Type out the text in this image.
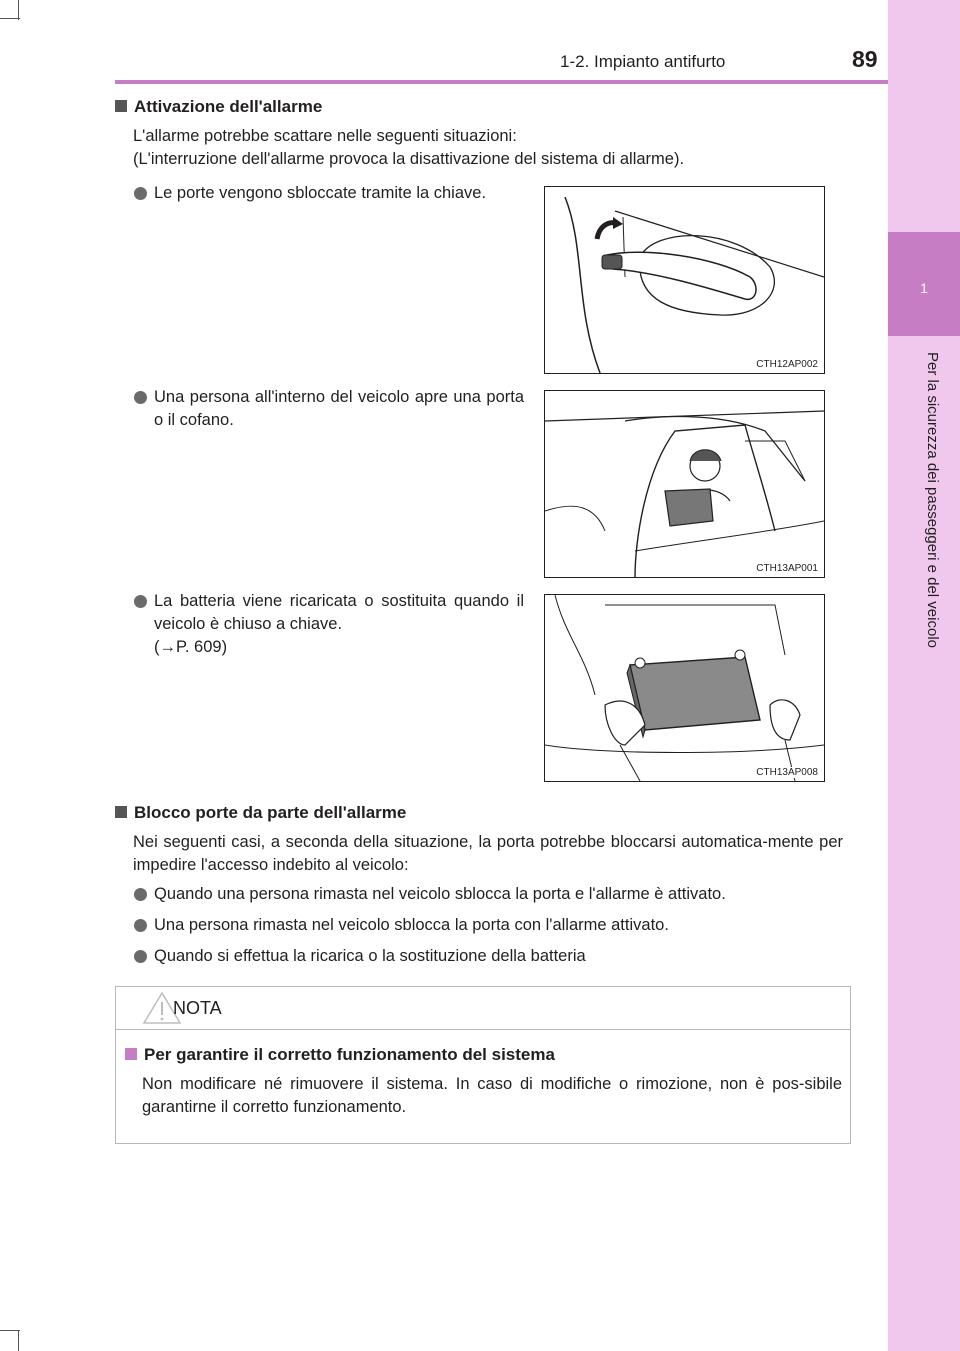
1-2. Impianto antifurto	89
1
Per la sicurezza dei passeggeri e del veicolo
Attivazione dell'allarme
L'allarme potrebbe scattare nelle seguenti situazioni:
(L'interruzione dell'allarme provoca la disattivazione del sistema di allarme).
Le porte vengono sbloccate tramite la chiave.
CTH12AP002
Una persona all'interno del veicolo apre una porta o il cofano.
CTH13AP001
La batteria viene ricaricata o sostituita quando il veicolo è chiuso a chiave.
(→P. 609)
CTH13AP008
Blocco porte da parte dell'allarme
Nei seguenti casi, a seconda della situazione, la porta potrebbe bloccarsi automatica-mente per impedire l'accesso indebito al veicolo:
Quando una persona rimasta nel veicolo sblocca la porta e l'allarme è attivato.
Una persona rimasta nel veicolo sblocca la porta con l'allarme attivato.
Quando si effettua la ricarica o la sostituzione della batteria
NOTA
Per garantire il corretto funzionamento del sistema
Non modificare né rimuovere il sistema. In caso di modifiche o rimozione, non è pos-sibile garantirne il corretto funzionamento.
